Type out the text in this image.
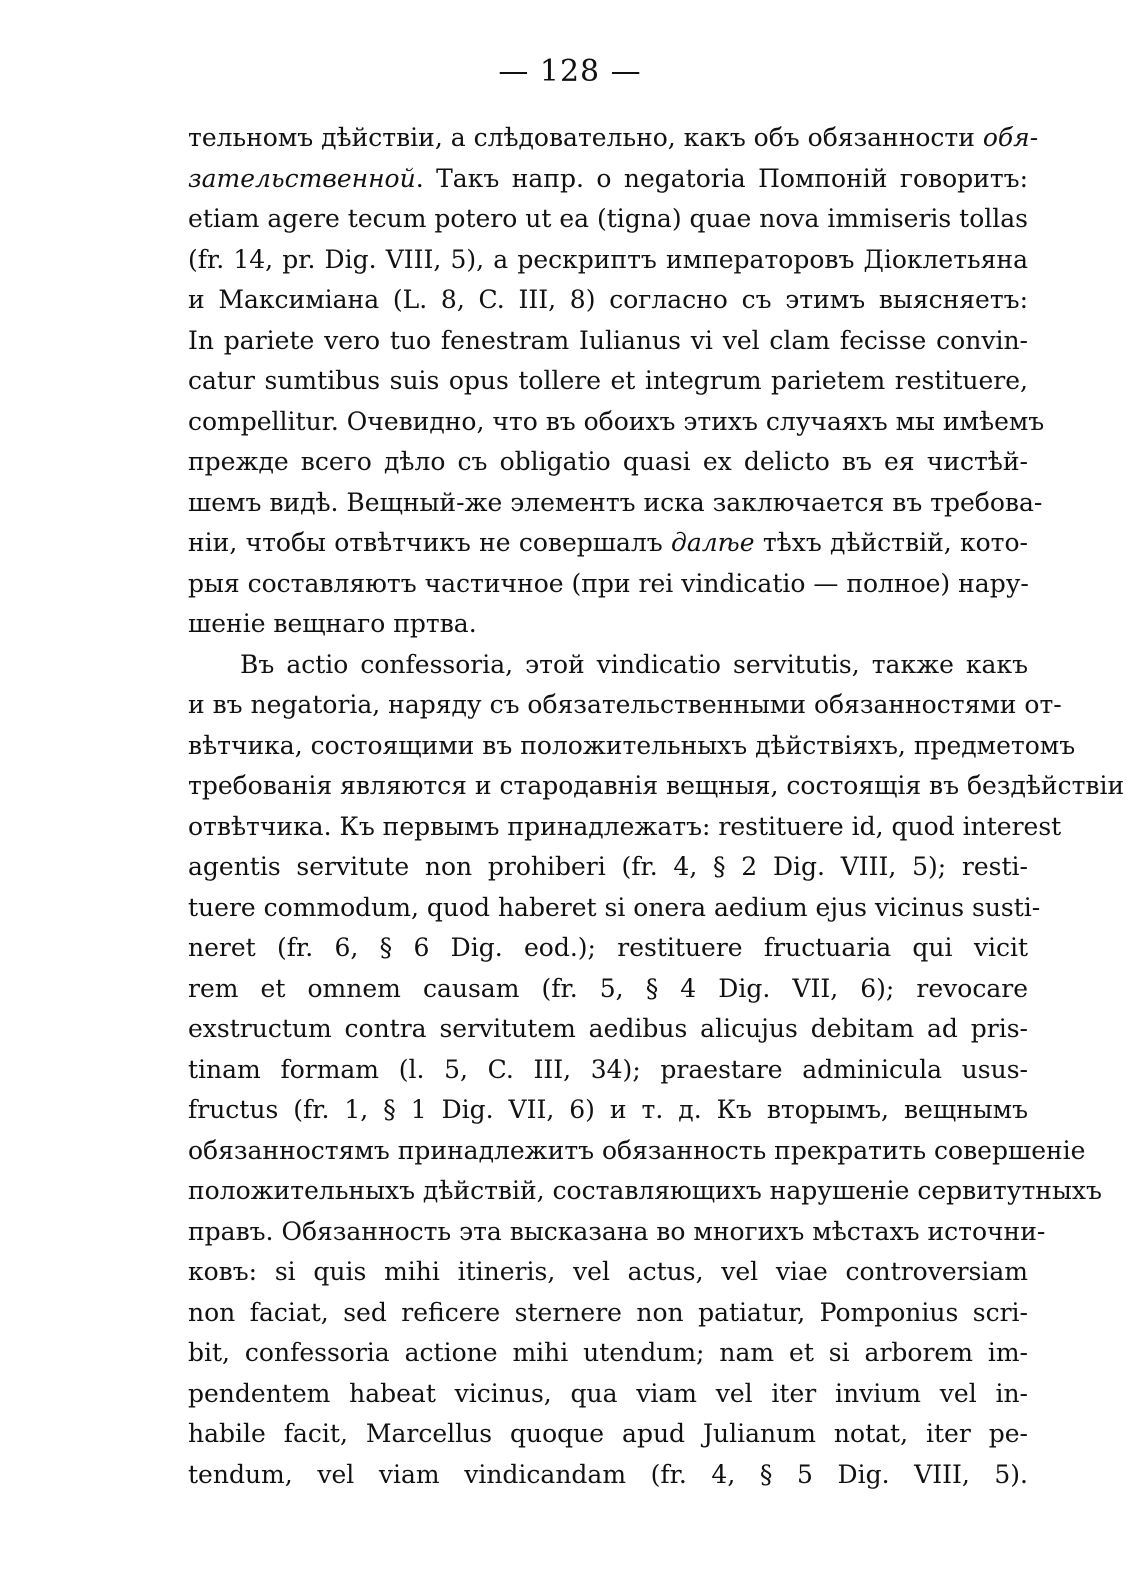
— 128 —
тельномъ дѣйствіи, а слѣдовательно, какъ объ обязанности обя-
зательственной. Такъ напр. о negatoria Помпоній говоритъ:
etiam agere tecum potero ut ea (tigna) quae nova immiseris tollas
(fr. 14, pr. Dig. VIII, 5), а рескриптъ императоровъ Діоклетьяна
и Максиміана (L. 8, C. III, 8) согласно съ этимъ выясняетъ:
In pariete vero tuo fenestram Iulianus vi vel clam fecisse convin-
catur sumtibus suis opus tollere et integrum parietem restituere,
compellitur. Очевидно, что въ обоихъ этихъ случаяхъ мы имѣемъ
прежде всего дѣло съ obligatio quasi ex delicto въ ея чистѣй-
шемъ видѣ. Вещный-же элементъ иска заключается въ требова-
ніи, чтобы отвѣтчикъ не совершалъ далѣе тѣхъ дѣйствій, кото-
рыя составляютъ частичное (при rei vindicatio — полное) нару-
шеніе вещнаго пртва.
Въ actio confessoria, этой vindicatio servitutis, также какъ
и въ negatoria, наряду съ обязательственными обязанностями от-
вѣтчика, состоящими въ положительныхъ дѣйствіяхъ, предметомъ
требованія являются и стародавнія вещныя, состоящія въ бездѣйствіи
отвѣтчика. Къ первымъ принадлежатъ: restituere id, quod interest
agentis servitute non prohiberi (fr. 4, § 2 Dig. VIII, 5); resti-
tuere commodum, quod haberet si onera aedium ejus vicinus susti-
neret (fr. 6, § 6 Dig. eod.); restituere fructuaria qui vicit
rem et omnem causam (fr. 5, § 4 Dig. VII, 6); revocare
exstructum contra servitutem aedibus alicujus debitam ad pris-
tinam formam (l. 5, C. III, 34); praestare adminicula usus-
fructus (fr. 1, § 1 Dig. VII, 6) и т. д. Къ вторымъ, вещнымъ
обязанностямъ принадлежитъ обязанность прекратить совершеніе
положительныхъ дѣйствій, составляющихъ нарушеніе сервитутныхъ
правъ. Обязанность эта высказана во многихъ мѣстахъ источни-
ковъ: si quis mihi itineris, vel actus, vel viae controversiam
non faciat, sed reficere sternere non patiatur, Pomponius scri-
bit, confessoria actione mihi utendum; nam et si arborem im-
pendentem habeat vicinus, qua viam vel iter invium vel in-
habile facit, Marcellus quoque apud Julianum notat, iter pe-
tendum, vel viam vindicandam (fr. 4, § 5 Dig. VIII, 5).
